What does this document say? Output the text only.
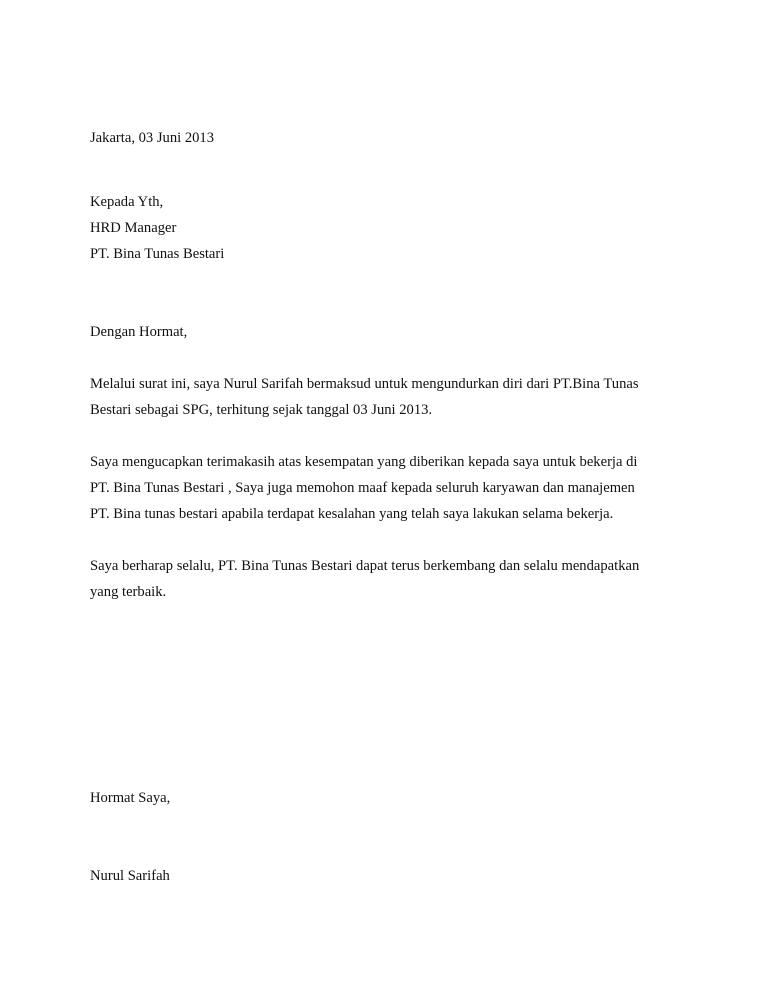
Jakarta, 03 Juni 2013
Kepada Yth,
HRD Manager
PT. Bina Tunas Bestari
Dengan Hormat,
Melalui surat ini, saya Nurul Sarifah bermaksud untuk mengundurkan diri dari PT.Bina Tunas
Bestari sebagai SPG, terhitung sejak tanggal 03 Juni 2013.
Saya mengucapkan terimakasih atas kesempatan yang diberikan kepada saya untuk bekerja di
PT. Bina Tunas Bestari , Saya juga memohon maaf kepada seluruh karyawan dan manajemen
PT. Bina tunas bestari apabila terdapat kesalahan yang telah saya lakukan selama bekerja.
Saya berharap selalu, PT. Bina Tunas Bestari dapat terus berkembang dan selalu mendapatkan
yang terbaik.
Hormat Saya,
Nurul Sarifah
